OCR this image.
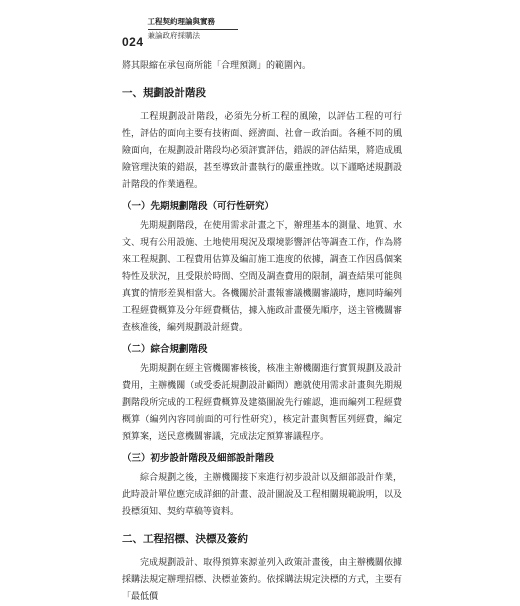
024
工程契約理論與實務
兼論政府採購法

將其限縮在承包商所能「合理預測」的範圍內。

一、規劃設計階段

工程規劃設計階段，必須先分析工程的風險，以評估工程的可行性，評估的面向主要有技術面、經濟面、社會－政治面。各種不同的風險面向，在規劃設計階段均必須評實評估，錯誤的評估結果，將造成風險管理決策的錯誤，甚至導致計畫執行的嚴重挫敗。以下謹略述規劃設計階段的作業過程。

（一）先期規劃階段（可行性研究）

先期規劃階段，在使用需求計畫之下，辦理基本的測量、地質、水文、現有公用設施、土地使用現況及環境影響評估等調查工作，作為將來工程規劃、工程費用估算及編訂施工進度的依據，調查工作因爲個案特性及狀況，且受限於時間、空間及調查費用的限制，調查結果可能與真實的情形差異相當大。各機關於計畫報審議機關審議時，應同時編列工程經費概算及分年經費概估，據入施政計畫優先順序，送主管機關審查核准後，編列規劃設計經費。

（二）綜合規劃階段

先期規劃在經主管機關審核後，核准主辦機關進行實質規劃及設計費用，主辦機關（或受委託規劃設計顧問）應就使用需求計畫與先期規劃階段所完成的工程經費概算及建築圖說先行確認，進而編列工程經費概算（編列內容同前面的可行性研究），核定計畫與暫匡列經費，編定預算案，送民意機關審議，完成法定預算審議程序。

（三）初步設計階段及細部設計階段

綜合規劃之後，主辦機關接下來進行初步設計以及細部設計作業，此時設計單位應完成詳細的計畫、設計圖說及工程相關規範說明，以及投標須知、契約草稿等資料。

二、工程招標、決標及簽約

完成規劃設計、取得預算來源並列入政策計畫後，由主辦機關依據採購法規定辦理招標、決標並簽約。依採購法規定決標的方式，主要有「最低價
